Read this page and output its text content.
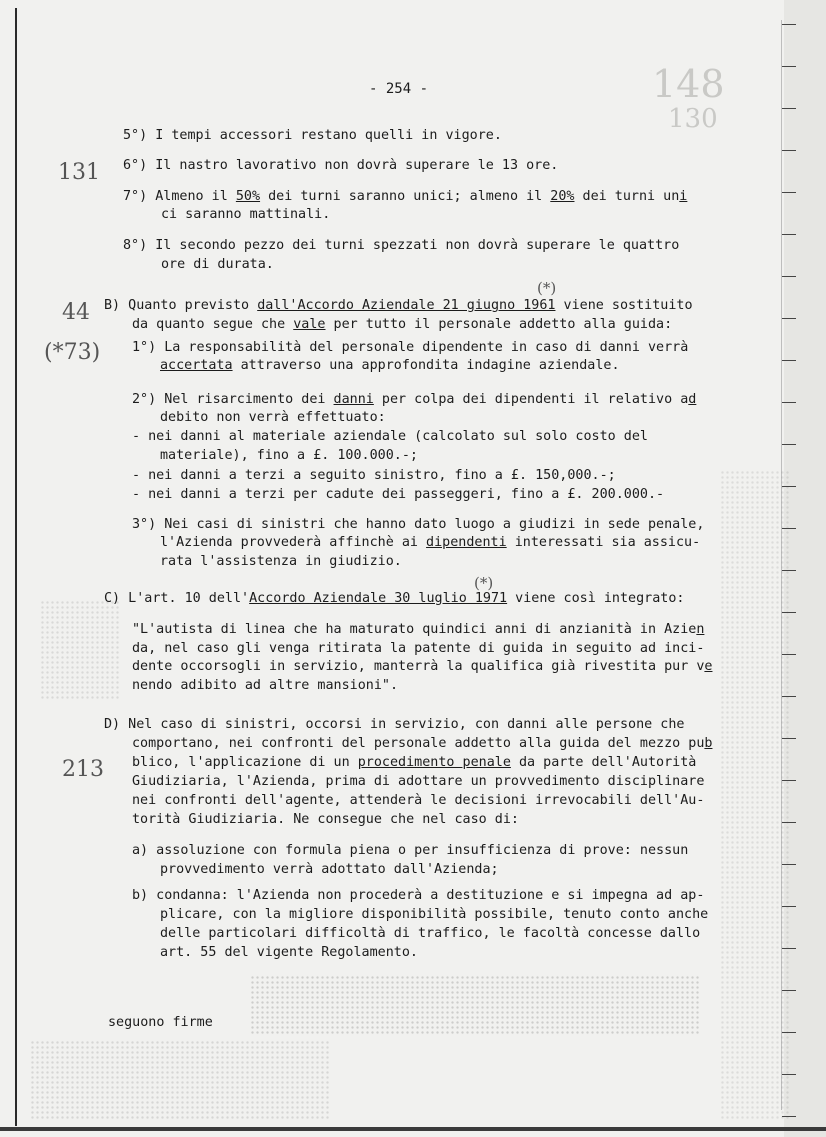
148
130
- 254 -
131
44
(*73)
213
(*)
(*)
5°) I tempi accessori restano quelli in vigore.
6°) Il nastro lavorativo non dovrà superare le 13 ore.
7°) Almeno il 50% dei turni saranno unici; almeno il 20% dei turni uni
ci saranno mattinali.
8°) Il secondo pezzo dei turni spezzati non dovrà superare le quattro
ore di durata.
B) Quanto previsto dall'Accordo Aziendale 21 giugno 1961 viene sostituito
da quanto segue che vale per tutto il personale addetto alla guida:
1°) La responsabilità del personale dipendente in caso di danni verrà
accertata attraverso una approfondita indagine aziendale.
2°) Nel risarcimento dei danni per colpa dei dipendenti il relativo ad
debito non verrà effettuato:
- nei danni al materiale aziendale (calcolato sul solo costo del
materiale), fino a £. 100.000.-;
- nei danni a terzi a seguito sinistro, fino a £. 150,000.-;
- nei danni a terzi per cadute dei passeggeri, fino a £. 200.000.-
3°) Nei casi di sinistri che hanno dato luogo a giudizi in sede penale,
l'Azienda provvederà affinchè ai dipendenti interessati sia assicu-
rata l'assistenza in giudizio.
C) L'art. 10 dell'Accordo Aziendale 30 luglio 1971 viene così integrato:
"L'autista di linea che ha maturato quindici anni di anzianità in Azien
da, nel caso gli venga ritirata la patente di guida in seguito ad inci-
dente occorsogli in servizio, manterrà la qualifica già rivestita pur ve
nendo adibito ad altre mansioni".
D) Nel caso di sinistri, occorsi in servizio, con danni alle persone che
comportano, nei confronti del personale addetto alla guida del mezzo pub
blico, l'applicazione di un procedimento penale da parte dell'Autorità
Giudiziaria, l'Azienda, prima di adottare un provvedimento disciplinare
nei confronti dell'agente, attenderà le decisioni irrevocabili dell'Au-
torità Giudiziaria. Ne consegue che nel caso di:
a) assoluzione con formula piena o per insufficienza di prove: nessun
provvedimento verrà adottato dall'Azienda;
b) condanna: l'Azienda non procederà a destituzione e si impegna ad ap-
plicare, con la migliore disponibilità possibile, tenuto conto anche
delle particolari difficoltà di traffico, le facoltà concesse dallo
art. 55 del vigente Regolamento.
seguono firme
